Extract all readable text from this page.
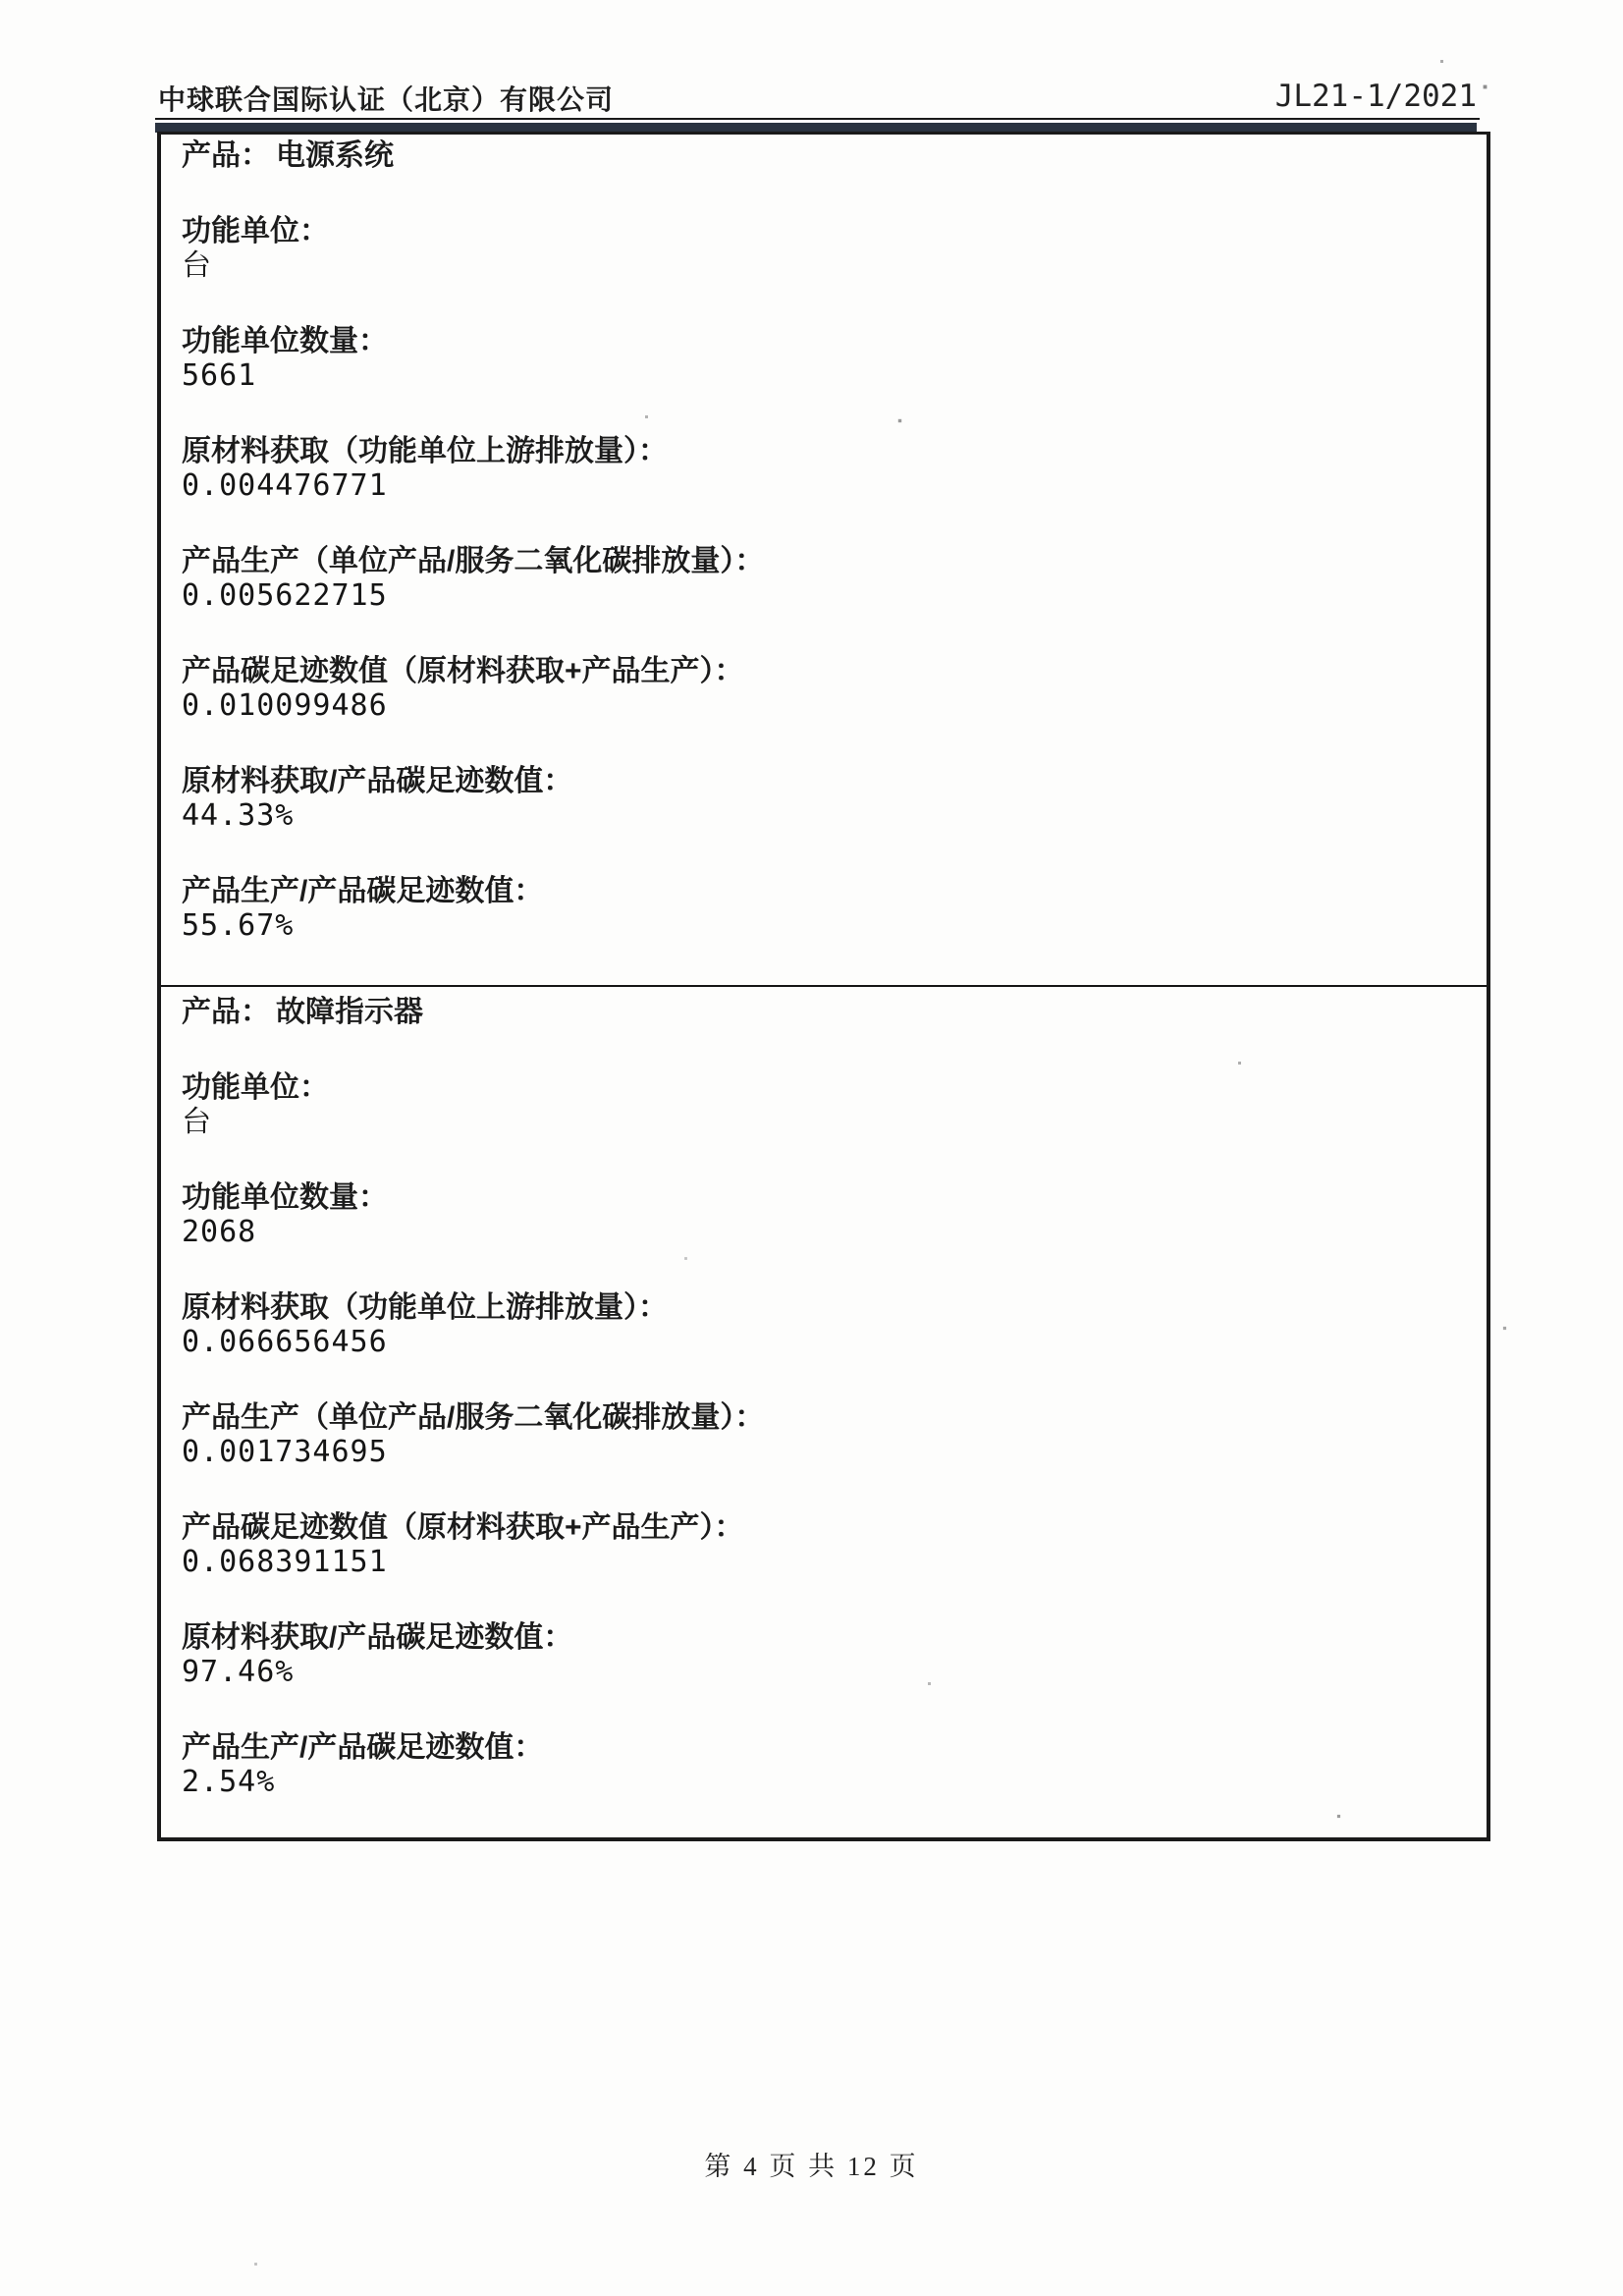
中球联合国际认证（北京）有限公司	JL21-1/2021
产品： 电源系统
功能单位：
台
功能单位数量：
5661
原材料获取（功能单位上游排放量）：
0.004476771
产品生产（单位产品/服务二氧化碳排放量）：
0.005622715
产品碳足迹数值（原材料获取+产品生产）：
0.010099486
原材料获取/产品碳足迹数值：
44.33%
产品生产/产品碳足迹数值：
55.67%
产品： 故障指示器
功能单位：
台
功能单位数量：
2068
原材料获取（功能单位上游排放量）：
0.066656456
产品生产（单位产品/服务二氧化碳排放量）：
0.001734695
产品碳足迹数值（原材料获取+产品生产）：
0.068391151
原材料获取/产品碳足迹数值：
97.46%
产品生产/产品碳足迹数值：
2.54%
第 4 页 共 12 页
